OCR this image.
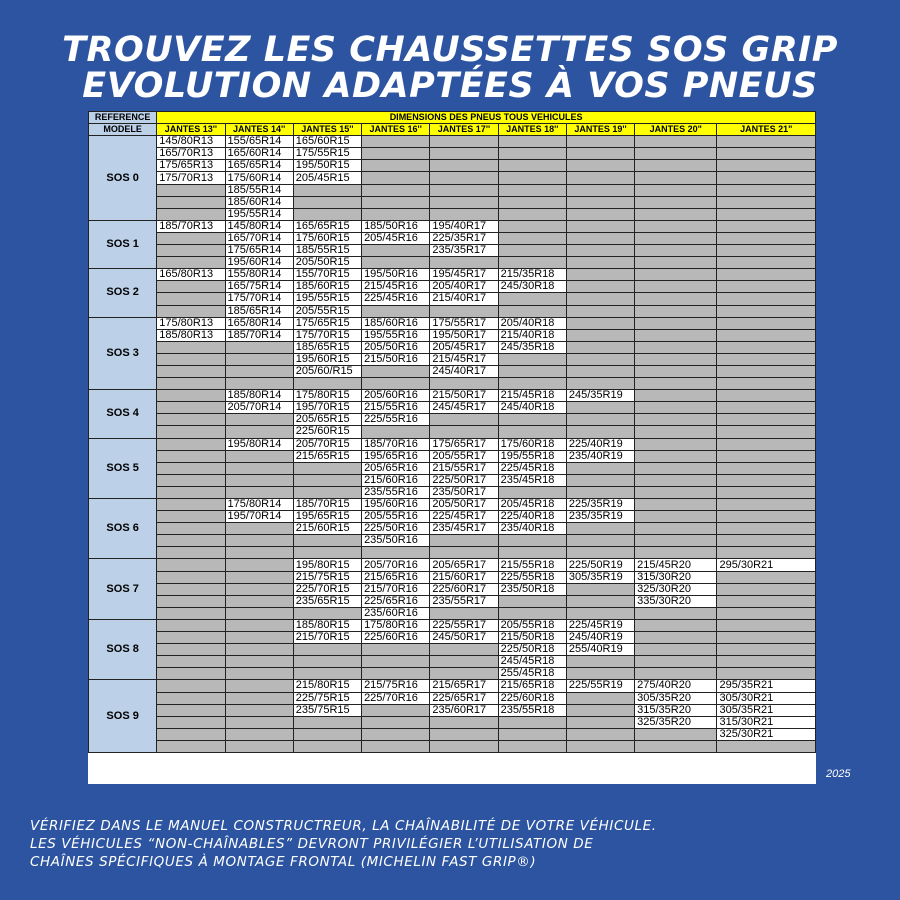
TROUVEZ LES CHAUSSETTES SOS GRIP
EVOLUTION ADAPTÉES À VOS PNEUS
REFERENCE	DIMENSIONS DES PNEUS TOUS VEHICULES								
MODELE	JANTES 13''	JANTES 14''	JANTES 15''	JANTES 16''	JANTES 17''	JANTES 18''	JANTES 19''	JANTES 20"	JANTES 21"
SOS 0	145/80R13	155/65R14	165/60R15						
	165/70R13	165/60R14	175/55R15						
	175/65R13	165/65R14	195/50R15						
	175/70R13	175/60R14	205/45R15						
		185/55R14							
		185/60R14							
		195/55R14							
SOS 1	185/70R13	145/80R14	165/65R15	185/50R16	195/40R17				
		165/70R14	175/60R15	205/45R16	225/35R17				
		175/65R14	185/55R15		235/35R17				
		195/60R14	205/50R15						
SOS 2	165/80R13	155/80R14	155/70R15	195/50R16	195/45R17	215/35R18			
		165/75R14	185/60R15	215/45R16	205/40R17	245/30R18			
		175/70R14	195/55R15	225/45R16	215/40R17				
		185/65R14	205/55R15						
SOS 3	175/80R13	165/80R14	175/65R15	185/60R16	175/55R17	205/40R18			
	185/80R13	185/70R14	175/70R15	195/55R16	195/50R17	215/40R18			
			185/65R15	205/50R16	205/45R17	245/35R18			
			195/60R15	215/50R16	215/45R17				
			205/60/R15		245/40R17				

SOS 4		185/80R14	175/80R15	205/60R16	215/50R17	215/45R18	245/35R19		
		205/70R14	195/70R15	215/55R16	245/45R17	245/40R18			
			205/65R15	225/55R16					
			225/60R15						
SOS 5		195/80R14	205/70R15	185/70R16	175/65R17	175/60R18	225/40R19		
			215/65R15	195/65R16	205/55R17	195/55R18	235/40R19		
				205/65R16	215/55R17	225/45R18			
				215/60R16	225/50R17	235/45R18			
				235/55R16	235/50R17				
SOS 6		175/80R14	185/70R15	195/60R16	205/50R17	205/45R18	225/35R19		
		195/70R14	195/65R15	205/55R16	225/45R17	225/40R18	235/35R19		
			215/60R15	225/50R16	235/45R17	235/40R18			
				235/50R16					

SOS 7			195/80R15	205/70R16	205/65R17	215/55R18	225/50R19	215/45R20	295/30R21
			215/75R15	215/65R16	215/60R17	225/55R18	305/35R19	315/30R20	
			225/70R15	215/70R16	225/60R17	235/50R18		325/30R20	
			235/65R15	225/65R16	235/55R17			335/30R20	
				235/60R16					
SOS 8			185/80R15	175/80R16	225/55R17	205/55R18	225/45R19		
			215/70R15	225/60R16	245/50R17	215/50R18	245/40R19		
						225/50R18	255/40R19		
						245/45R18			
						255/45R18			
SOS 9			215/80R15	215/75R16	215/65R17	215/65R18	225/55R19	275/40R20	295/35R21
			225/75R15	225/70R16	225/65R17	225/60R18		305/35R20	305/30R21
			235/75R15		235/60R17	235/55R18		315/35R20	305/35R21
								325/35R20	315/30R21
									325/30R21

2025
VÉRIFIEZ DANS LE MANUEL CONSTRUCTREUR, LA CHAÎNABILITÉ DE VOTRE VÉHICULE.
LES VÉHICULES “NON-CHAÎNABLES” DEVRONT PRIVILÉGIER L’UTILISATION DE
CHAÎNES SPÉCIFIQUES À MONTAGE FRONTAL (MICHELIN FAST GRIP®)
